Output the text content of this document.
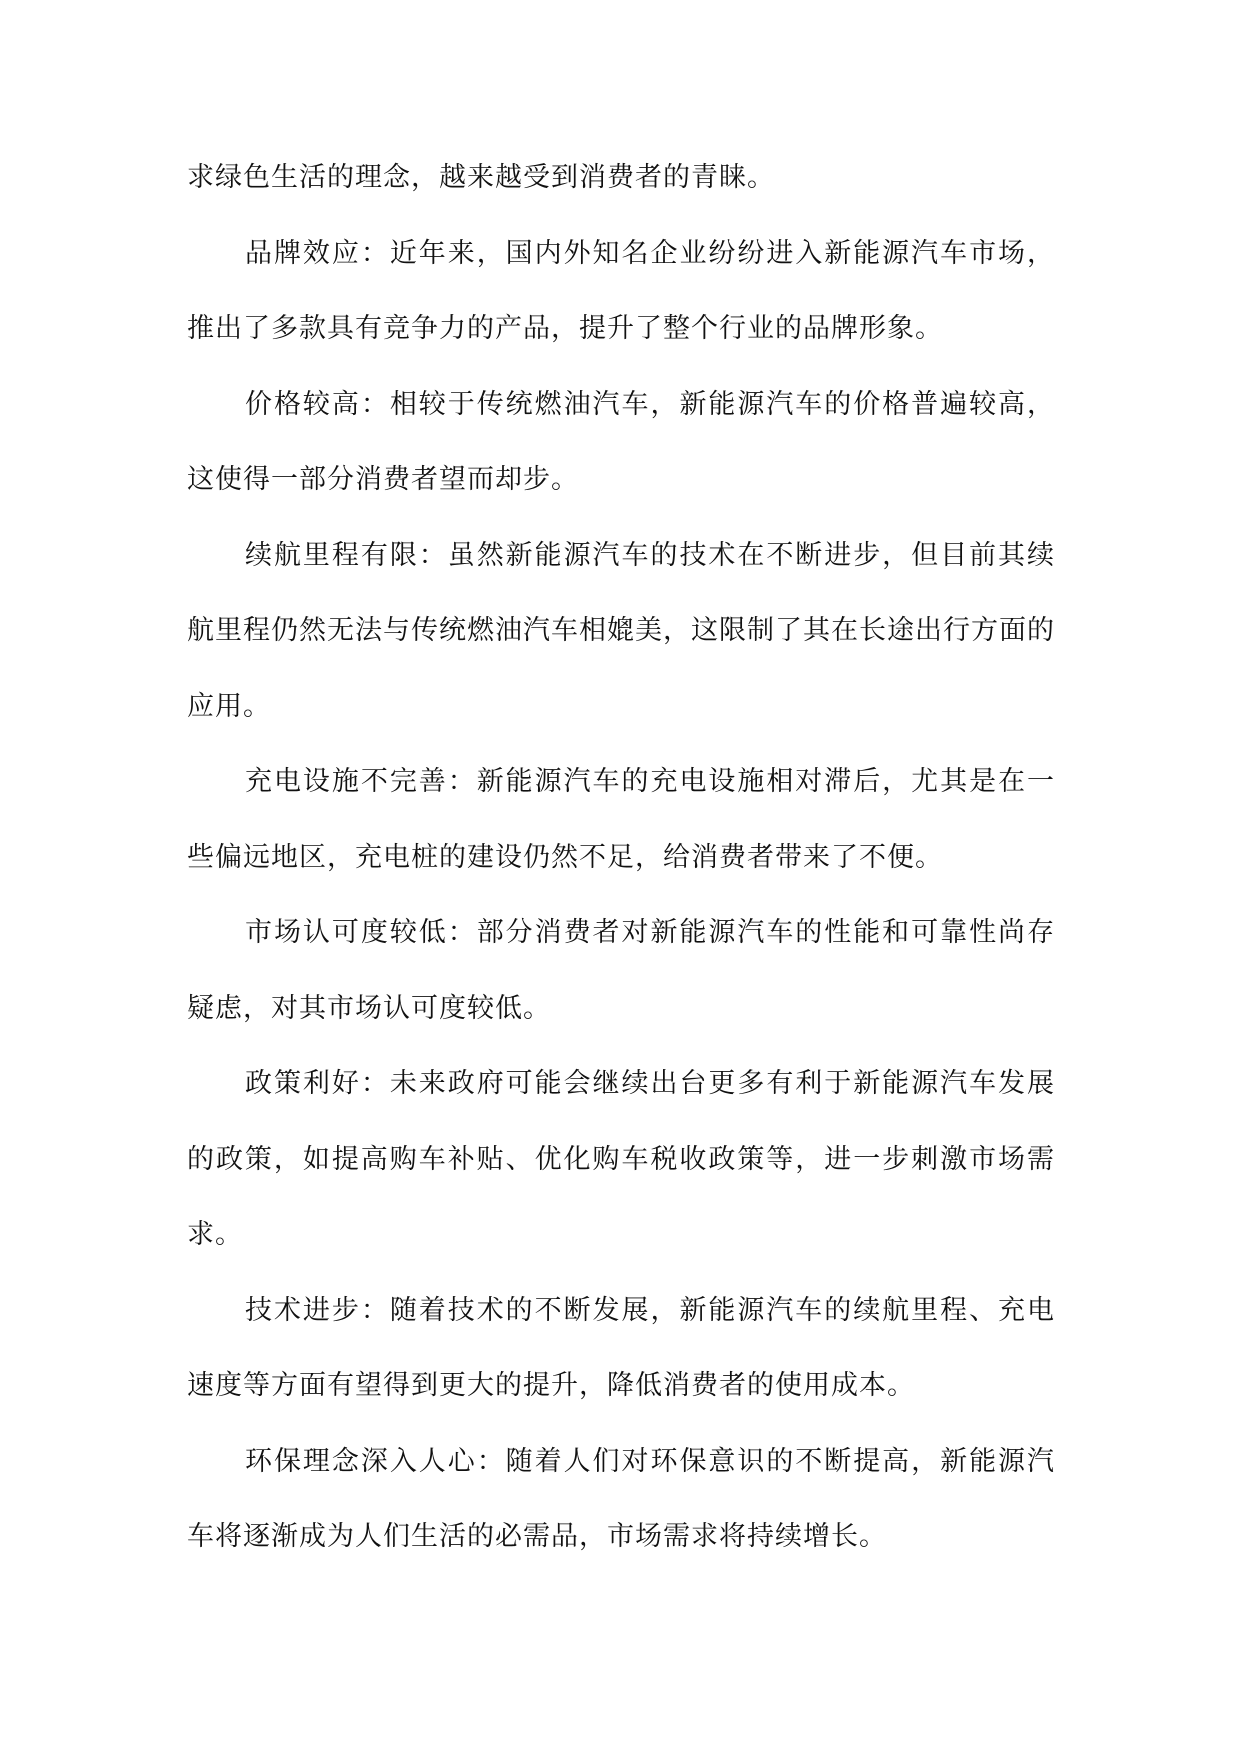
求绿色生活的理念，越来越受到消费者的青睐。

品牌效应：近年来，国内外知名企业纷纷进入新能源汽车市场，推出了多款具有竞争力的产品，提升了整个行业的品牌形象。

价格较高：相较于传统燃油汽车，新能源汽车的价格普遍较高，这使得一部分消费者望而却步。

续航里程有限：虽然新能源汽车的技术在不断进步，但目前其续航里程仍然无法与传统燃油汽车相媲美，这限制了其在长途出行方面的应用。

充电设施不完善：新能源汽车的充电设施相对滞后，尤其是在一些偏远地区，充电桩的建设仍然不足，给消费者带来了不便。

市场认可度较低：部分消费者对新能源汽车的性能和可靠性尚存疑虑，对其市场认可度较低。

政策利好：未来政府可能会继续出台更多有利于新能源汽车发展的政策，如提高购车补贴、优化购车税收政策等，进一步刺激市场需求。

技术进步：随着技术的不断发展，新能源汽车的续航里程、充电速度等方面有望得到更大的提升，降低消费者的使用成本。

环保理念深入人心：随着人们对环保意识的不断提高，新能源汽车将逐渐成为人们生活的必需品，市场需求将持续增长。
